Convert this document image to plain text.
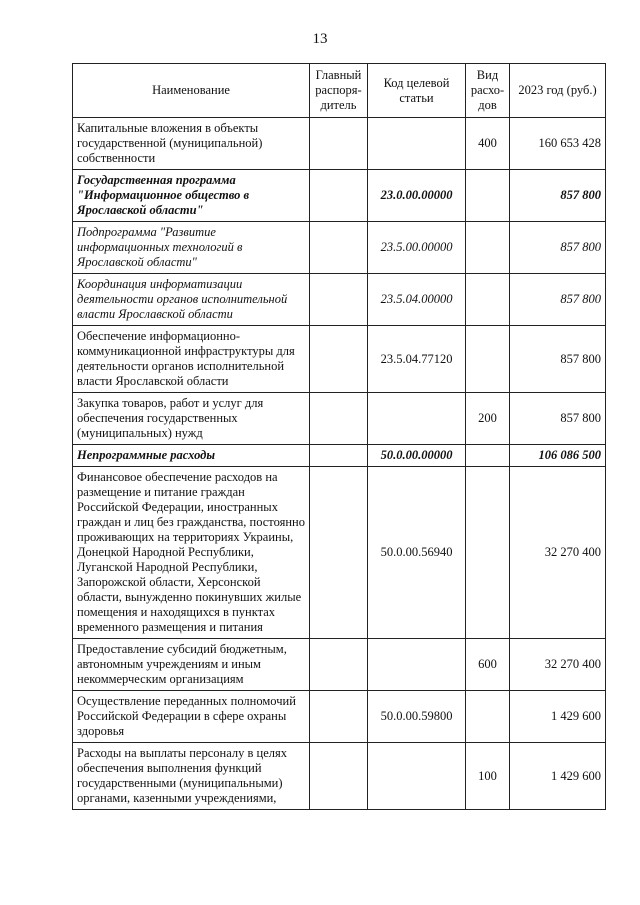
13
Наименование	Главный распоря-дитель	Код целевой статьи	Вид расхо-дов	2023 год (руб.)
Капитальные вложения в объекты государственной (муниципальной) собственности			400	160 653 428
Государственная программа "Информационное общество в Ярославской области"		23.0.00.00000		857 800
Подпрограмма "Развитие информационных технологий в Ярославской области"		23.5.00.00000		857 800
Координация информатизации деятельности органов исполнительной власти Ярославской области		23.5.04.00000		857 800
Обеспечение информационно-коммуникационной инфраструктуры для деятельности органов исполнительной власти Ярославской области		23.5.04.77120		857 800
Закупка товаров, работ и услуг для обеспечения государственных (муниципальных) нужд			200	857 800
Непрограммные расходы		50.0.00.00000		106 086 500
Финансовое обеспечение расходов на размещение и питание граждан Российской Федерации, иностранных граждан и лиц без гражданства, постоянно проживающих на территориях Украины, Донецкой Народной Республики, Луганской Народной Республики, Запорожской области, Херсонской области, вынужденно покинувших жилые помещения и находящихся в пунктах временного размещения и питания		50.0.00.56940		32 270 400
Предоставление субсидий бюджетным, автономным учреждениям и иным некоммерческим организациям			600	32 270 400
Осуществление переданных полномочий Российской Федерации в сфере охраны здоровья		50.0.00.59800		1 429 600
Расходы на выплаты персоналу в целях обеспечения выполнения функций государственными (муниципальными) органами, казенными учреждениями,			100	1 429 600
